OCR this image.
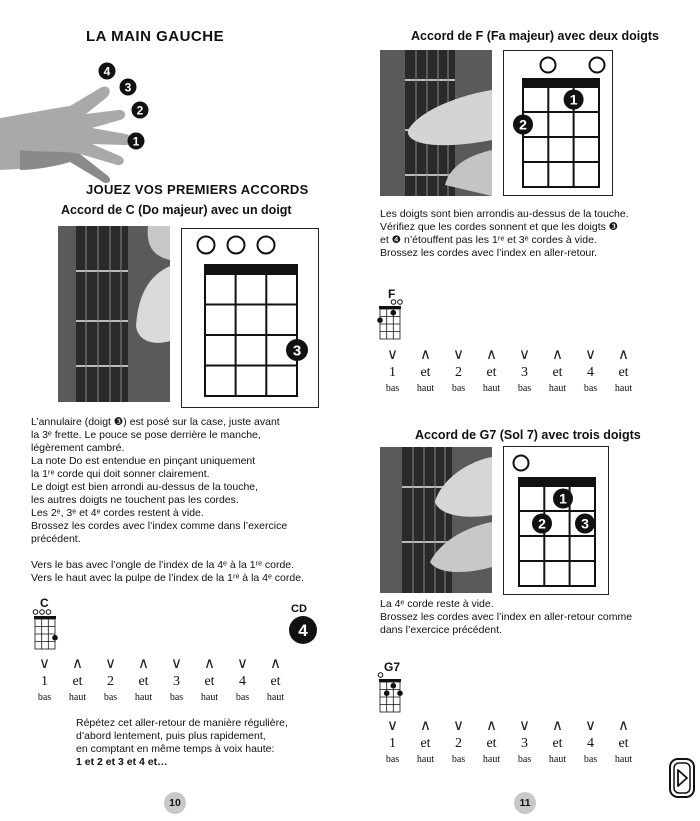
LA MAIN GAUCHE
4
3
2
1
JOUEZ VOS PREMIERS ACCORDS
Accord de C (Do majeur) avec un doigt
3

L’annulaire (doigt ❸) est posé sur la case, juste avant

la 3ᵉ frette. Le pouce se pose derrière le manche,

légèrement cambré.

La note Do est entendue en pinçant uniquement

la 1ʳᵉ corde qui doit sonner clairement.

Le doigt est bien arrondi au-dessus de la touche,

les autres doigts ne touchent pas les cordes.

Les 2ᵉ, 3ᵉ et 4ᵉ cordes restent à vide.

Brossez les cordes avec l’index comme dans l’exercice

précédent.

Vers le bas avec l’ongle de l’index de la 4ᵉ à la 1ʳᵉ corde.

Vers le haut avec la pulpe de l’index de la 1ʳᵉ à la 4ᵉ corde.

C	CD
4
∨	∧	∨	∧	∨	∧	∨	∧
1	et	2	et	3	et	4	et
bas	haut	bas	haut	bas	haut	bas	haut

Répétez cet aller-retour de manière régulière,

d’abord lentement, puis plus rapidement,

en comptant en même temps à voix haute:

1 et 2 et 3 et 4 et…

10
Accord de F (Fa majeur) avec deux doigts
1
2

Les doigts sont bien arrondis au-dessus de la touche.

Vérifiez que les cordes sonnent et que les doigts ❸

et ❹ n’étouffent pas les 1ʳᵉ et 3ᵉ cordes à vide.

Brossez les cordes avec l’index en aller-retour.

F
∨	∧	∨	∧	∨	∧	∨	∧
1	et	2	et	3	et	4	et
bas	haut	bas	haut	bas	haut	bas	haut
Accord de G7 (Sol 7) avec trois doigts
1
2	3

La 4ᵉ corde reste à vide.

Brossez les cordes avec l’index en aller-retour comme

dans l’exercice précédent.

G7
∨	∧	∨	∧	∨	∧	∨	∧
1	et	2	et	3	et	4	et
bas	haut	bas	haut	bas	haut	bas	haut
11
